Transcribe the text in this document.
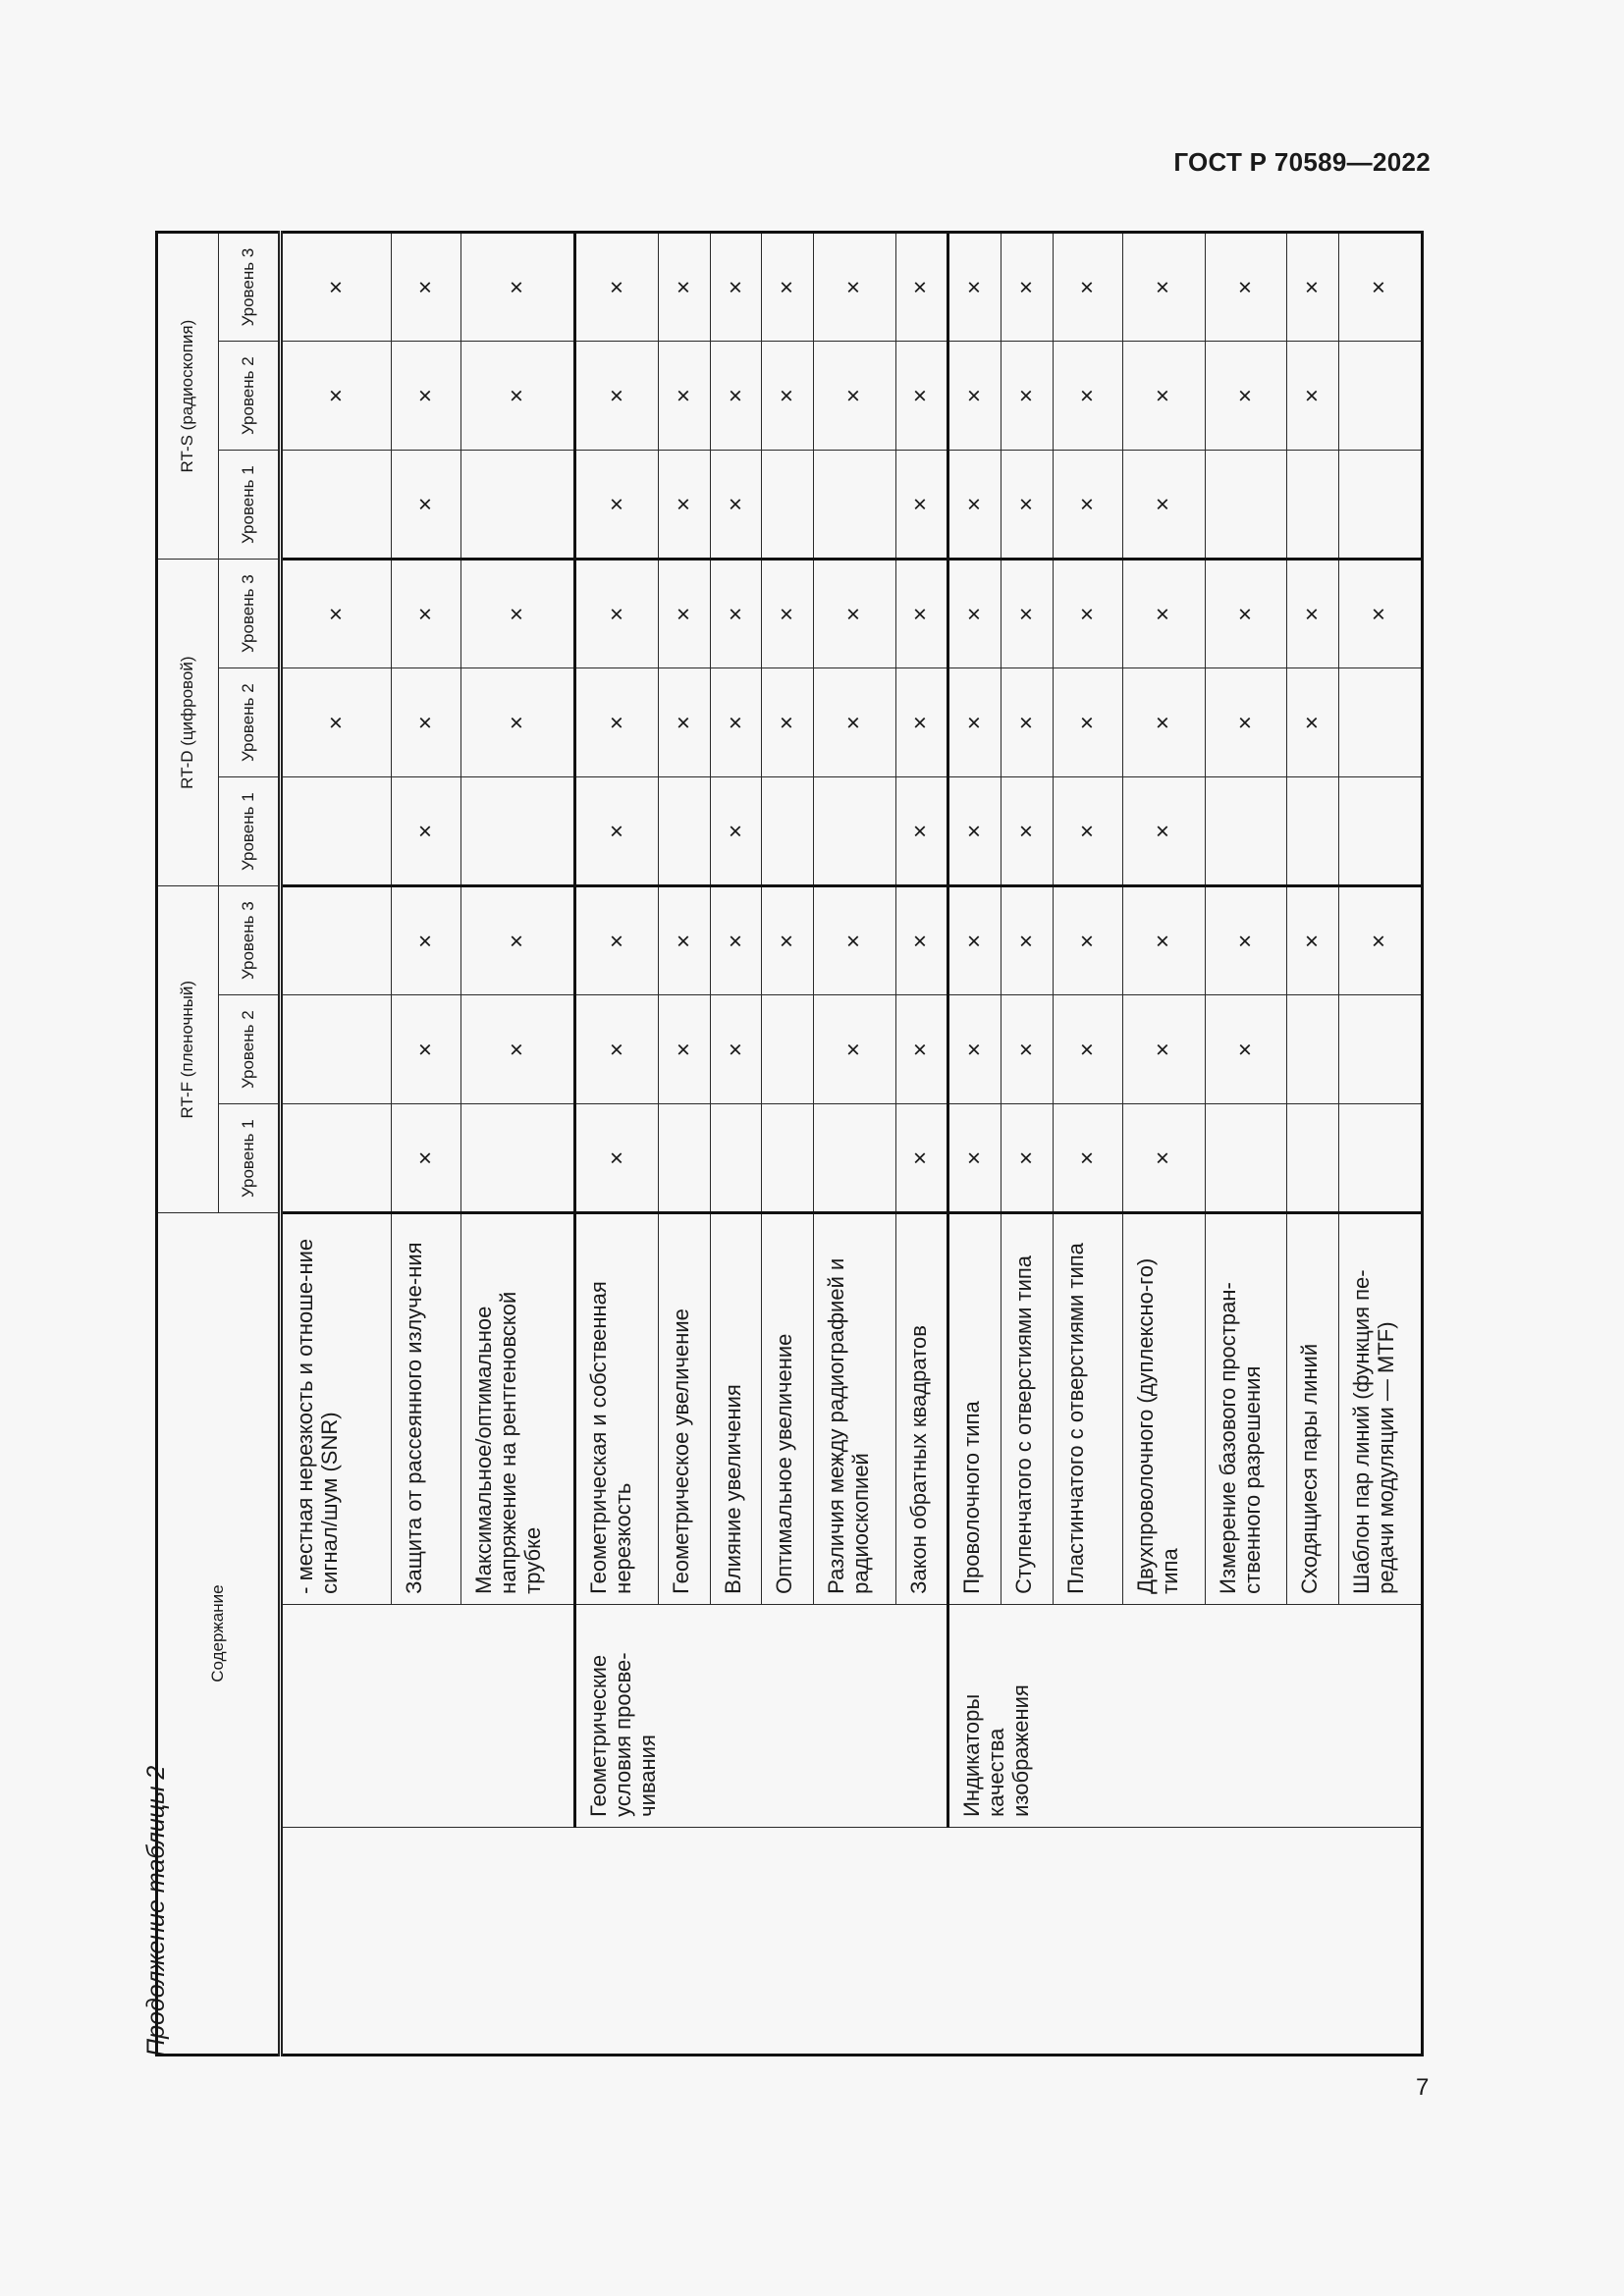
ГОСТ Р 70589—2022
Продолжение таблицы 2
7
Содержание			RT-F (пленочный)			RT-D (цифровой)			RT-S (радиоскопия)		
			Уровень 1	Уровень 2	Уровень 3	Уровень 1	Уровень 2	Уровень 3	Уровень 1	Уровень 2	Уровень 3
		- местная нерезкость и отноше-ние сигнал/шум (SNR)					×	×		×	×
		Защита от рассеянного излуче-ния	×	×	×	×	×	×	×	×	×
		Максимальное/оптимальное напряжение на рентгеновской трубке		×	×		×	×		×	×
	Геометрические условия просве-чивания	Геометрическая и собственная нерезкость	×	×	×	×	×	×	×	×	×
		Геометрическое увеличение		×	×		×	×	×	×	×
		Влияние увеличения		×	×	×	×	×	×	×	×
		Оптимальное увеличение			×		×	×		×	×
		Различия между радиографией и радиоскопией		×	×		×	×		×	×
		Закон обратных квадратов	×	×	×	×	×	×	×	×	×
	Индикаторы качества изображения	Проволочного типа	×	×	×	×	×	×	×	×	×
		Ступенчатого с отверстиями типа	×	×	×	×	×	×	×	×	×
		Пластинчатого с отверстиями типа	×	×	×	×	×	×	×	×	×
		Двухпроволочного (дуплексно-го) типа	×	×	×	×	×	×	×	×	×
		Измерение базового простран-ственного разрешения		×	×		×	×		×	×
		Сходящиеся пары линий			×		×	×		×	×
		Шаблон пар линий (функция пе-редачи модуляции — MTF)			×			×			×
